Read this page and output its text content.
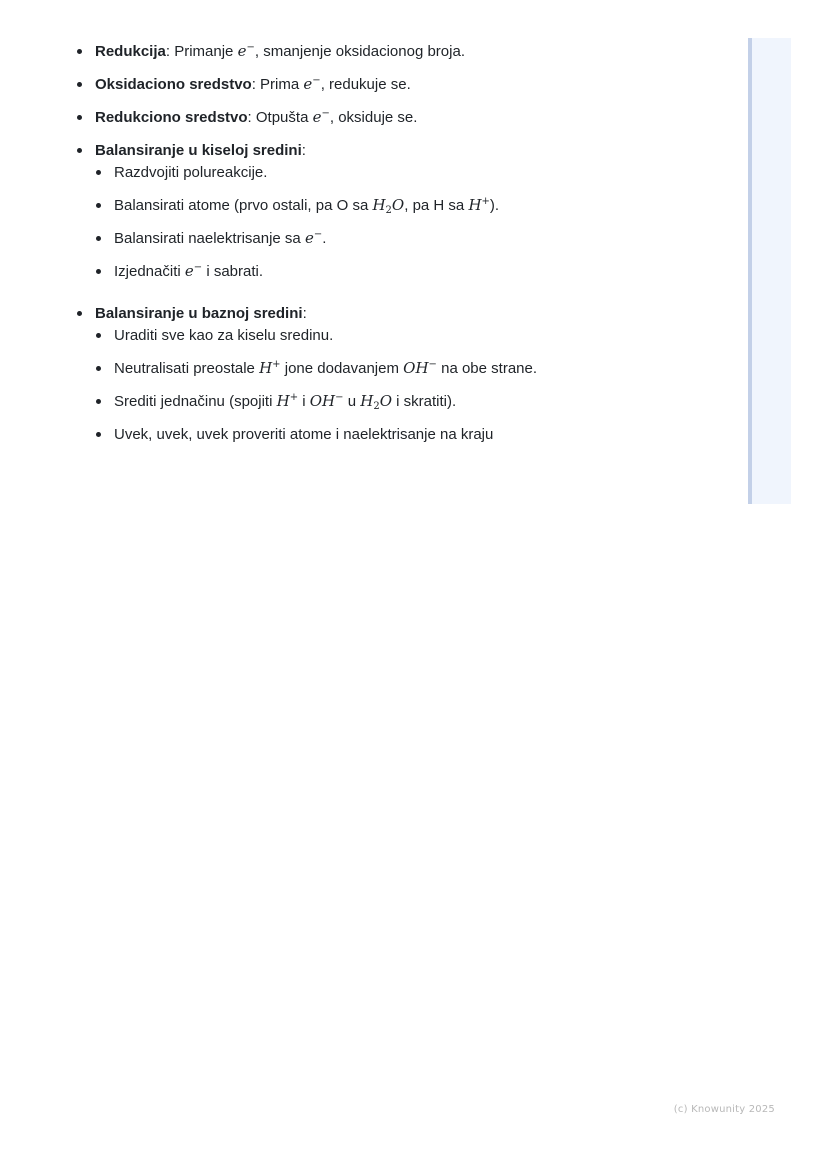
Redukcija: Primanje e−, smanjenje oksidacionog broja.
Oksidaciono sredstvo: Prima e−, redukuje se.
Redukciono sredstvo: Otpušta e−, oksiduje se.
Balansiranje u kiseloj sredini:
Razdvojiti polureakcije.
Balansirati atome (prvo ostali, pa O sa $H_2O$, pa H sa H+).
Balansirati naelektrisanje sa e−.
Izjednačiti e− i sabrati.
Balansiranje u baznoj sredini:
Uraditi sve kao za kiselu sredinu.
Neutralisati preostale H+ jone dodavanjem OH− na obe strane.
Srediti jednačinu (spojiti H+ i OH− u $H_2O$ i skratiti).
Uvek, uvek, uvek proveriti atome i naelektrisanje na kraju
(c) Knowunity 2025
